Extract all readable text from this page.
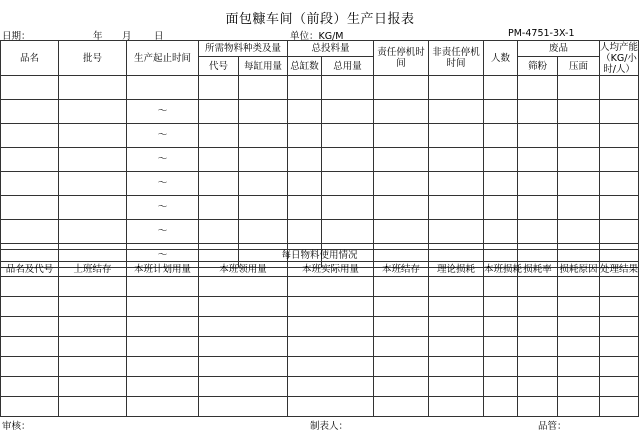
面包糠车间（前段）生产日报表
日期：	年 月 日	单位：KG/M	PM-4751-3X-1
品名	批号	生产起止时间	所需物料种类及量		总投料量		责任停机时间	非责任停机时间	人数	废品		人均产能（KG/小时/人）
			代号	每缸用量	总缸数	总用量				筛粉	压面	

		～										
		～										
		～										
		～										
		～										
		～										
		～											每日物料使用情况										
品名及代号	上班结存	本班计划用量	本班领用量	本班实际用量	本班结存	理论损耗	本班损耗	损耗率	损耗原因	处理结果

审核：	制表人：	品管：
